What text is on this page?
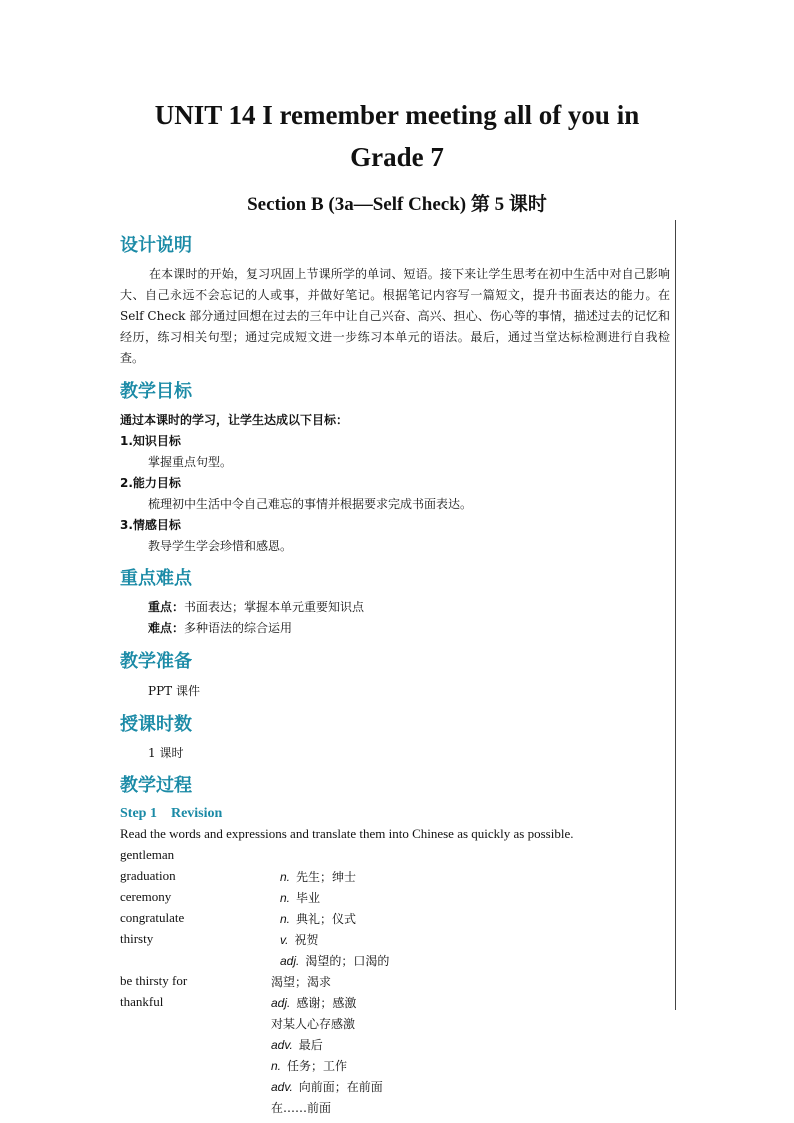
UNIT 14 I remember meeting all of you in
Grade 7
Section B (3a—Self Check) 第 5 课时
设计说明

在本课时的开始，复习巩固上节课所学的单词、短语。接下来让学生思考在初中生活中对自己影响大、自己永远不会忘记的人或事，并做好笔记。根据笔记内容写一篇短文，提升书面表达的能力。在 Self Check 部分通过回想在过去的三年中让自己兴奋、高兴、担心、伤心等的事情，描述过去的记忆和经历，练习相关句型；通过完成短文进一步练习本单元的语法。最后，通过当堂达标检测进行自我检查。

教学目标
通过本课时的学习，让学生达成以下目标：
1.知识目标
掌握重点句型。
2.能力目标
梳理初中生活中令自己难忘的事情并根据要求完成书面表达。
3.情感目标
教导学生学会珍惜和感恩。
重点难点
重点：书面表达；掌握本单元重要知识点
难点：多种语法的综合运用
教学准备
PPT 课件
授课时数
1 课时
教学过程
Step 1 Revision
Read the words and expressions and translate them into Chinese as quickly as possible.
gentleman
graduation
ceremony
congratulate
thirsty
be thirsty for
thankful
n. 先生；绅士
n. 毕业
n. 典礼；仪式
v. 祝贺
adj. 渴望的；口渴的
渴望；渴求
adj. 感谢；感激
对某人心存感激
adv. 最后
n. 任务；工作
adv. 向前面；在前面
在……前面
